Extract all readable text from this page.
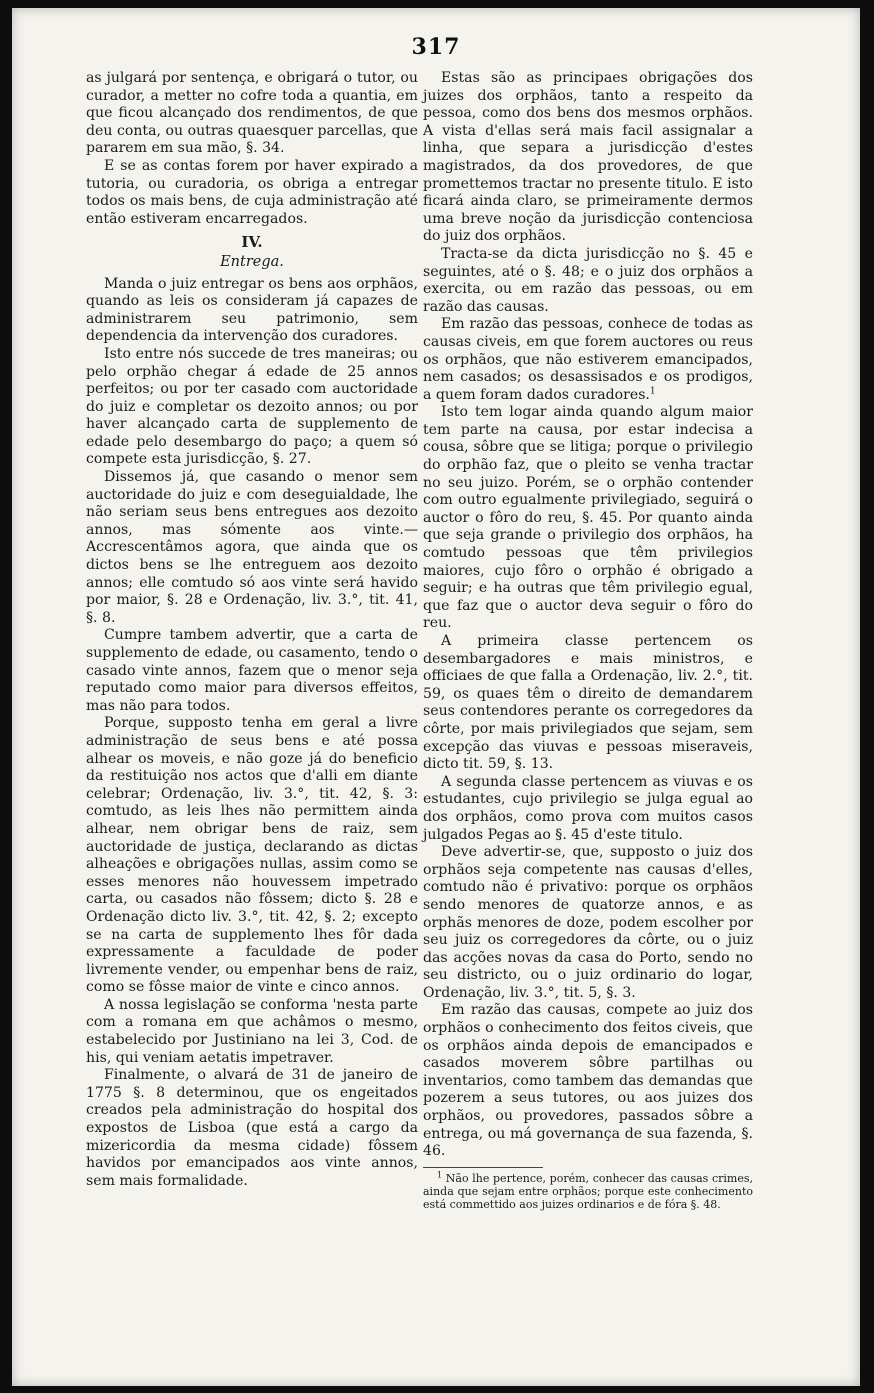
317

as julgará por sentença, e obrigará o tutor, ou curador, a metter no cofre toda a quantia, em que ficou alcançado dos rendimentos, de que deu conta, ou outras quaesquer parcellas, que pararem em sua mão, §. 34.

E se as contas forem por haver expirado a tutoria, ou curadoria, os obriga a entregar todos os mais bens, de cuja administração até então estiveram encarregados.

IV.
Entrega.

Manda o juiz entregar os bens aos orphãos, quando as leis os consideram já capazes de administrarem seu patrimonio, sem dependencia da intervenção dos curadores.

Isto entre nós succede de tres maneiras; ou pelo orphão chegar á edade de 25 annos perfeitos; ou por ter casado com auctoridade do juiz e completar os dezoito annos; ou por haver alcançado carta de supplemento de edade pelo desembargo do paço; a quem só compete esta jurisdicção, §. 27.

Dissemos já, que casando o menor sem auctoridade do juiz e com deseguialdade, lhe não seriam seus bens entregues aos dezoito annos, mas sómente aos vinte.— Accrescentâmos agora, que ainda que os dictos bens se lhe entreguem aos dezoito annos; elle comtudo só aos vinte será havido por maior, §. 28 e Ordenação, liv. 3.°, tit. 41, §. 8.

Cumpre tambem advertir, que a carta de supplemento de edade, ou casamento, tendo o casado vinte annos, fazem que o menor seja reputado como maior para diversos effeitos, mas não para todos.

Porque, supposto tenha em geral a livre administração de seus bens e até possa alhear os moveis, e não goze já do beneficio da restituição nos actos que d'alli em diante celebrar; Ordenação, liv. 3.°, tit. 42, §. 3: comtudo, as leis lhes não permittem ainda alhear, nem obrigar bens de raiz, sem auctoridade de justiça, declarando as dictas alheações e obrigações nullas, assim como se esses menores não houvessem impetrado carta, ou casados não fôssem; dicto §. 28 e Ordenação dicto liv. 3.°, tit. 42, §. 2; excepto se na carta de supplemento lhes fôr dada expressamente a faculdade de poder livremente vender, ou empenhar bens de raiz, como se fôsse maior de vinte e cinco annos.

A nossa legislação se conforma 'nesta parte com a romana em que achâmos o mesmo, estabelecido por Justiniano na lei 3, Cod. de his, qui veniam aetatis impetraver.

Finalmente, o alvará de 31 de janeiro de 1775 §. 8 determinou, que os engeitados creados pela administração do hospital dos expostos de Lisboa (que está a cargo da mizericordia da mesma cidade) fôssem havidos por emancipados aos vinte annos, sem mais formalidade.

Estas são as principaes obrigações dos juizes dos orphãos, tanto a respeito da pessoa, como dos bens dos mesmos orphãos. A vista d'ellas será mais facil assignalar a linha, que separa a jurisdicção d'estes magistrados, da dos provedores, de que promettemos tractar no presente titulo. E isto ficará ainda claro, se primeiramente dermos uma breve noção da jurisdicção contenciosa do juiz dos orphãos.

Tracta-se da dicta jurisdicção no §. 45 e seguintes, até o §. 48; e o juiz dos orphãos a exercita, ou em razão das pessoas, ou em razão das causas.

Em razão das pessoas, conhece de todas as causas civeis, em que forem auctores ou reus os orphãos, que não estiverem emancipados, nem casados; os desassisados e os prodigos, a quem foram dados curadores.$^1$

Isto tem logar ainda quando algum maior tem parte na causa, por estar indecisa a cousa, sôbre que se litiga; porque o privilegio do orphão faz, que o pleito se venha tractar no seu juizo. Porém, se o orphão contender com outro egualmente privilegiado, seguirá o auctor o fôro do reu, §. 45. Por quanto ainda que seja grande o privilegio dos orphãos, ha comtudo pessoas que têm privilegios maiores, cujo fôro o orphão é obrigado a seguir; e ha outras que têm privilegio egual, que faz que o auctor deva seguir o fôro do reu.

A primeira classe pertencem os desembargadores e mais ministros, e officiaes de que falla a Ordenação, liv. 2.°, tit. 59, os quaes têm o direito de demandarem seus contendores perante os corregedores da côrte, por mais privilegiados que sejam, sem excepção das viuvas e pessoas miseraveis, dicto tit. 59, §. 13.

A segunda classe pertencem as viuvas e os estudantes, cujo privilegio se julga egual ao dos orphãos, como prova com muitos casos julgados Pegas ao §. 45 d'este titulo.

Deve advertir-se, que, supposto o juiz dos orphãos seja competente nas causas d'elles, comtudo não é privativo: porque os orphãos sendo menores de quatorze annos, e as orphãs menores de doze, podem escolher por seu juiz os corregedores da côrte, ou o juiz das acções novas da casa do Porto, sendo no seu districto, ou o juiz ordinario do logar, Ordenação, liv. 3.°, tit. 5, §. 3.

Em razão das causas, compete ao juiz dos orphãos o conhecimento dos feitos civeis, que os orphãos ainda depois de emancipados e casados moverem sôbre partilhas ou inventarios, como tambem das demandas que pozerem a seus tutores, ou aos juizes dos orphãos, ou provedores, passados sôbre a entrega, ou má governança de sua fazenda, §. 46.

$^1$ Não lhe pertence, porém, conhecer das causas crimes, ainda que sejam entre orphãos; porque este conhecimento está commettido aos juizes ordinarios e de fóra §. 48.
